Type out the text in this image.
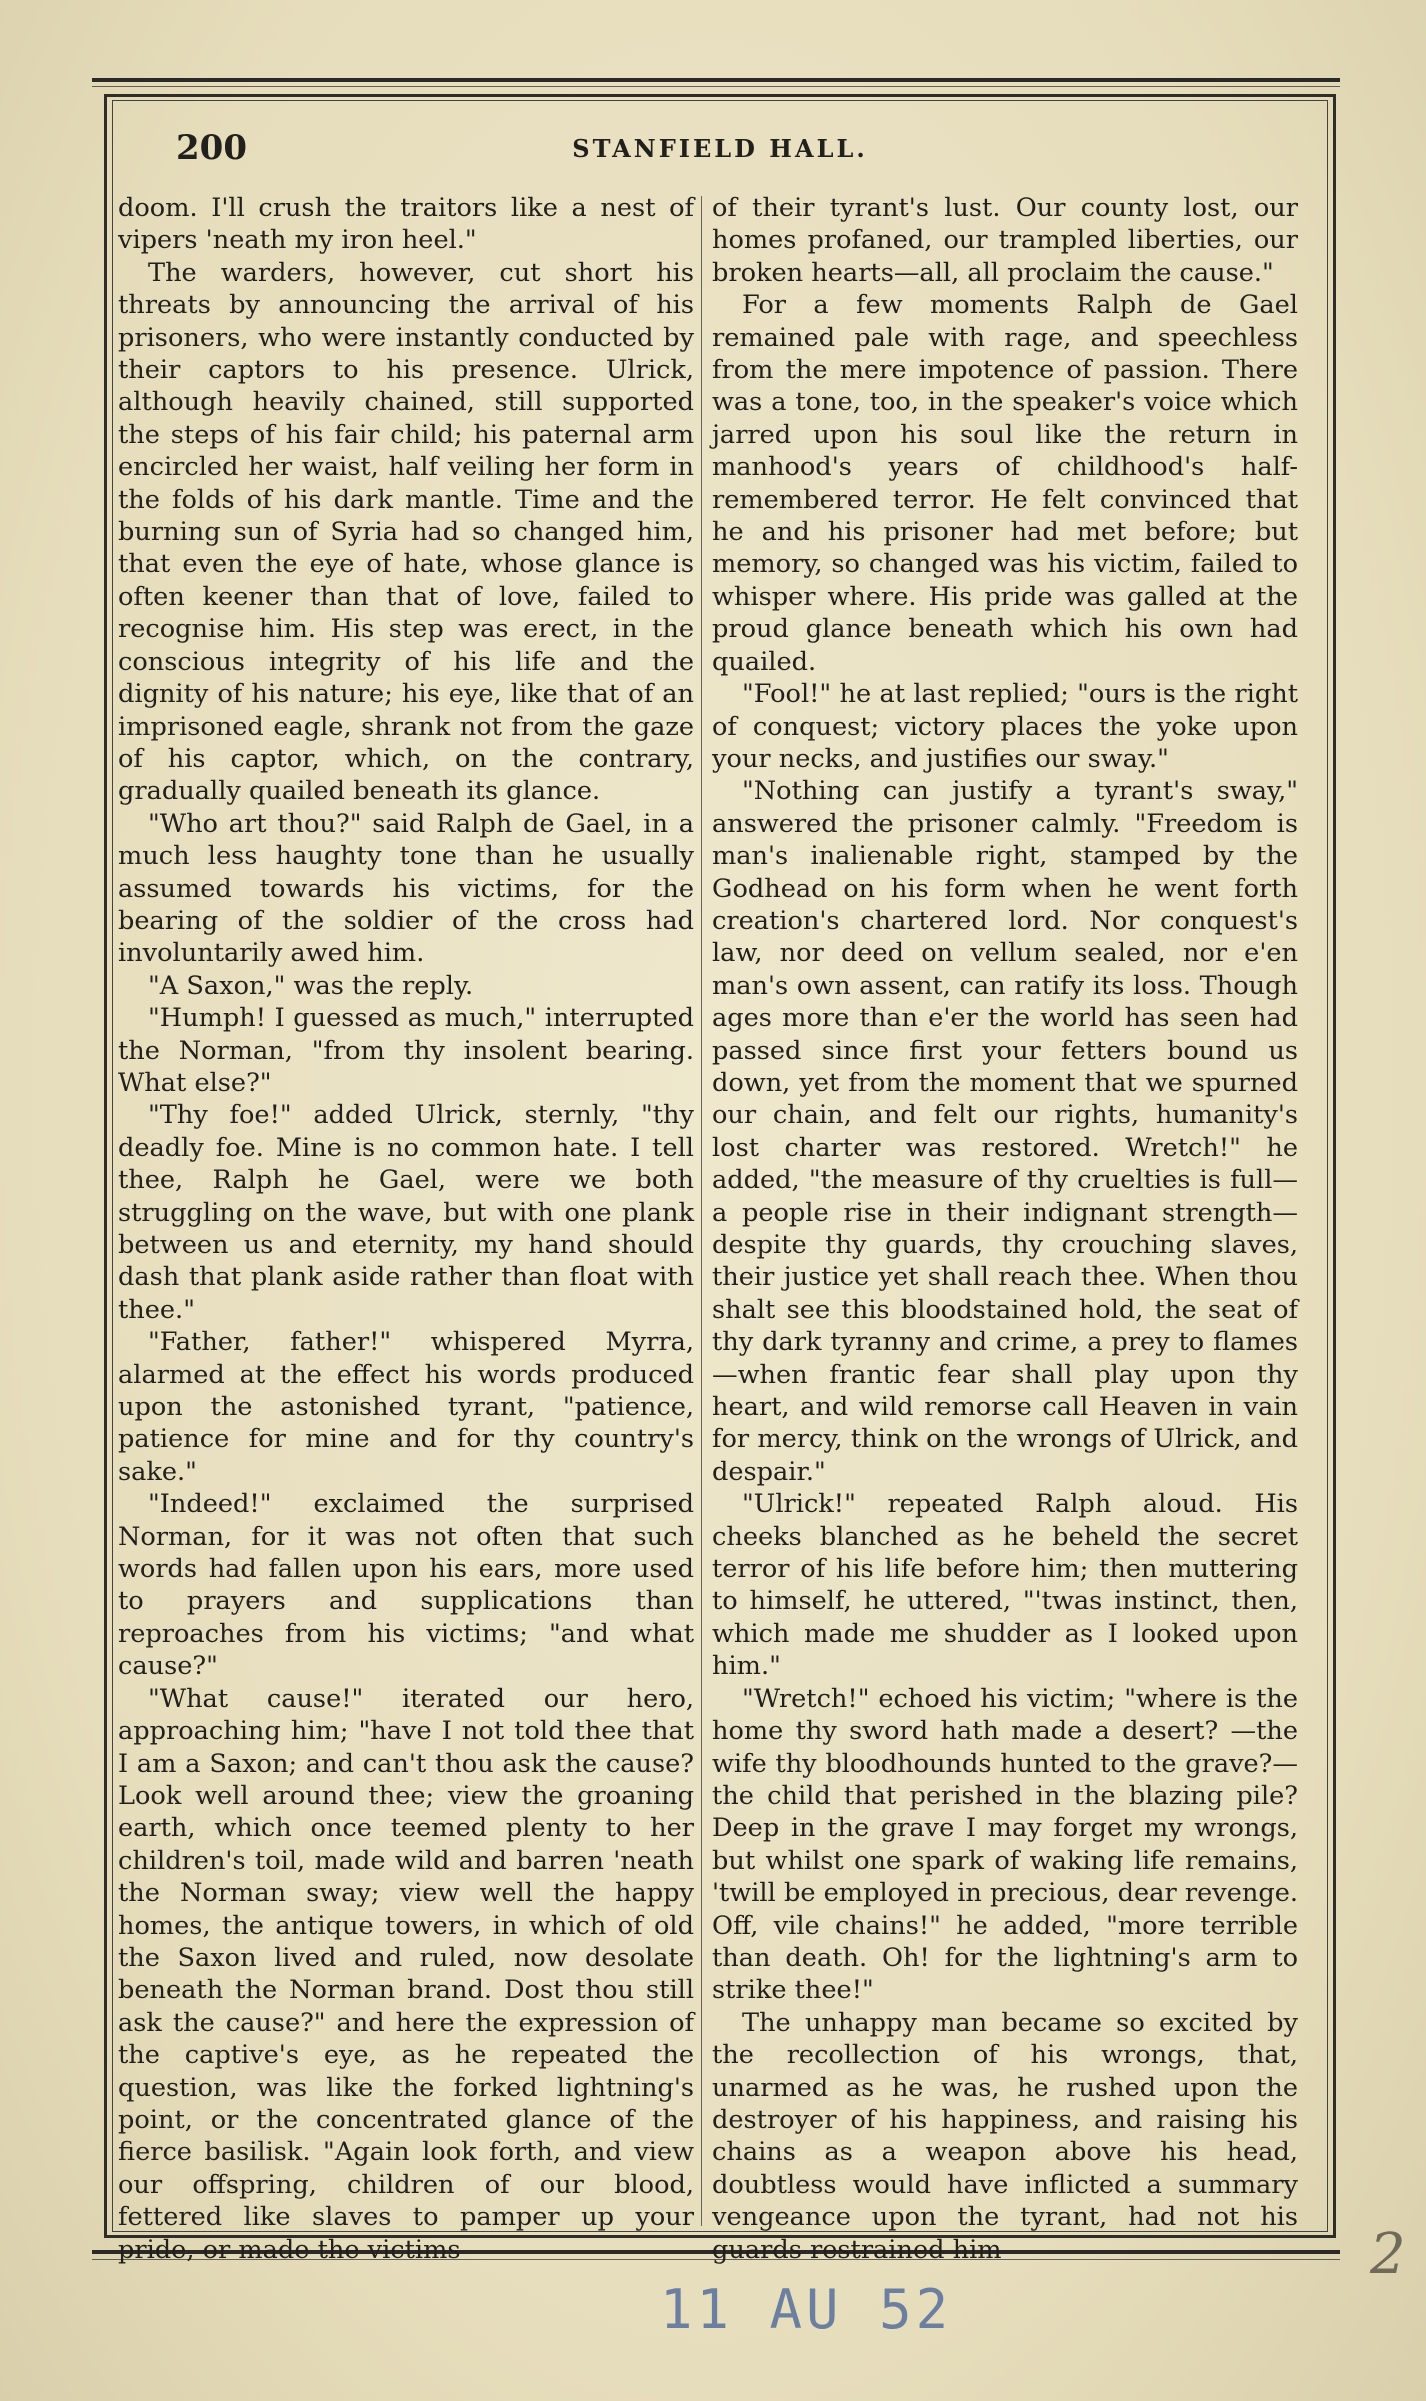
200	STANFIELD HALL.

doom. I'll crush the traitors like a nest of vipers 'neath my iron heel."

The warders, however, cut short his threats by announcing the arrival of his prisoners, who were instantly conducted by their captors to his presence. Ulrick, although heavily chained, still supported the steps of his fair child; his paternal arm encircled her waist, half veiling her form in the folds of his dark mantle. Time and the burning sun of Syria had so changed him, that even the eye of hate, whose glance is often keener than that of love, failed to recognise him. His step was erect, in the conscious integrity of his life and the dignity of his nature; his eye, like that of an imprisoned eagle, shrank not from the gaze of his captor, which, on the contrary, gradually quailed beneath its glance.

"Who art thou?" said Ralph de Gael, in a much less haughty tone than he usually assumed towards his victims, for the bearing of the soldier of the cross had involuntarily awed him.

"A Saxon," was the reply.

"Humph! I guessed as much," interrupted the Norman, "from thy insolent bearing. What else?"

"Thy foe!" added Ulrick, sternly, "thy deadly foe. Mine is no common hate. I tell thee, Ralph he Gael, were we both struggling on the wave, but with one plank between us and eternity, my hand should dash that plank aside rather than float with thee."

"Father, father!" whispered Myrra, alarmed at the effect his words produced upon the astonished tyrant, "patience, patience for mine and for thy country's sake."

"Indeed!" exclaimed the surprised Norman, for it was not often that such words had fallen upon his ears, more used to prayers and supplications than reproaches from his victims; "and what cause?"

"What cause!" iterated our hero, approaching him; "have I not told thee that I am a Saxon; and can't thou ask the cause? Look well around thee; view the groaning earth, which once teemed plenty to her children's toil, made wild and barren 'neath the Norman sway; view well the happy homes, the antique towers, in which of old the Saxon lived and ruled, now desolate beneath the Norman brand. Dost thou still ask the cause?" and here the expression of the captive's eye, as he repeated the question, was like the forked lightning's point, or the concentrated glance of the fierce basilisk. "Again look forth, and view our offspring, children of our blood, fettered like slaves to pamper up your pride, or made the victims

of their tyrant's lust. Our county lost, our homes profaned, our trampled liberties, our broken hearts—all, all proclaim the cause."

For a few moments Ralph de Gael remained pale with rage, and speechless from the mere impotence of passion. There was a tone, too, in the speaker's voice which jarred upon his soul like the return in manhood's years of childhood's half-remembered terror. He felt convinced that he and his prisoner had met before; but memory, so changed was his victim, failed to whisper where. His pride was galled at the proud glance beneath which his own had quailed.

"Fool!" he at last replied; "ours is the right of conquest; victory places the yoke upon your necks, and justifies our sway."

"Nothing can justify a tyrant's sway," answered the prisoner calmly. "Freedom is man's inalienable right, stamped by the Godhead on his form when he went forth creation's chartered lord. Nor conquest's law, nor deed on vellum sealed, nor e'en man's own assent, can ratify its loss. Though ages more than e'er the world has seen had passed since first your fetters bound us down, yet from the moment that we spurned our chain, and felt our rights, humanity's lost charter was restored. Wretch!" he added, "the measure of thy cruelties is full—a people rise in their indignant strength—despite thy guards, thy crouching slaves, their justice yet shall reach thee. When thou shalt see this bloodstained hold, the seat of thy dark tyranny and crime, a prey to flames—when frantic fear shall play upon thy heart, and wild remorse call Heaven in vain for mercy, think on the wrongs of Ulrick, and despair."

"Ulrick!" repeated Ralph aloud. His cheeks blanched as he beheld the secret terror of his life before him; then muttering to himself, he uttered, "'twas instinct, then, which made me shudder as I looked upon him."

"Wretch!" echoed his victim; "where is the home thy sword hath made a desert? —the wife thy bloodhounds hunted to the grave?—the child that perished in the blazing pile? Deep in the grave I may forget my wrongs, but whilst one spark of waking life remains, 'twill be employed in precious, dear revenge. Off, vile chains!" he added, "more terrible than death. Oh! for the lightning's arm to strike thee!"

The unhappy man became so excited by the recollection of his wrongs, that, unarmed as he was, he rushed upon the destroyer of his happiness, and raising his chains as a weapon above his head, doubtless would have inflicted a summary vengeance upon the tyrant, had not his guards restrained him

11 AU 52
2
